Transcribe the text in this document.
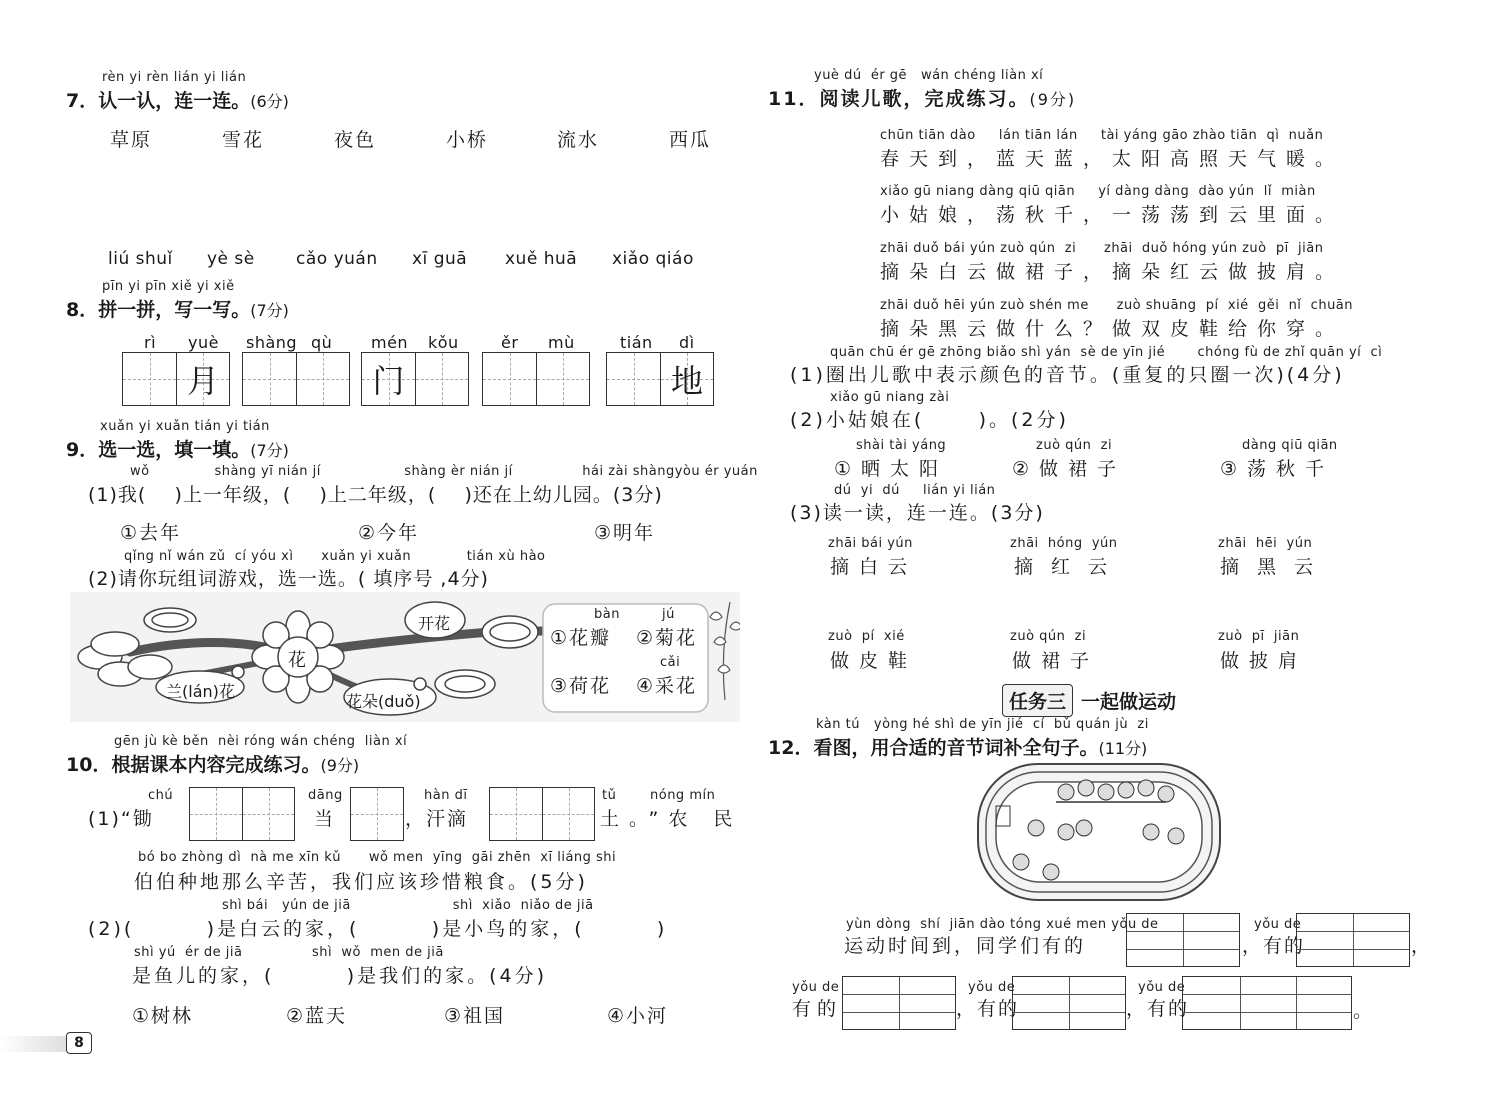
rèn yi rèn lián yi lián
7．认一认，连一连。(6分)
草原	雪花	夜色	小桥	流水	西瓜
liú shuǐ yè sè cǎo yuán xī guā xuě huā xiǎo qiáo
pīn yi pīn xiě yi xiě
8．拼一拼，写一写。(7分)
rì yuè
月
shàng qù mén kǒu
门
ěr mù	tián dì
地
xuǎn yi xuǎn tián yi tián
9．选一选，填一填。(7分)
wǒ              shàng yī nián jí                  shàng èr nián jí               hái zài shàngyòu ér yuán
(1)我(    )上一年级，(    )上二年级，(    )还在上幼儿园。(3分)
①去年	②今年	③明年
qǐng nǐ wán zǔ  cí yóu xì      xuǎn yi xuǎn            tián xù hào
(2)请你玩组词游戏，选一选。( 填序号 ,4分)
花
开花
兰(lán)花
花朵(duǒ)
bàn	jú
①花瓣 ②菊花
cǎi
③荷花 ④采花
gēn jù kè běn  nèi róng wán chéng  liàn xí
10．根据课本内容完成练习。(9分)
(1)“锄
chú	dāng
当
hàn dī
，汗滴
tǔ	nóng mín
土。”农 民
bó bo zhòng dì  nà me xīn kǔ      wǒ men  yīng  gāi zhēn  xī liáng shi
伯伯种地那么辛苦，我们应该珍惜粮食。(5分)
shì bái   yún de jiā                      shì  xiǎo  niǎo de jiā
(2)(        )是白云的家，(        )是小鸟的家，(        )
shì yú  ér de jiā               shì  wǒ  men de jiā
是鱼儿的家，(        )是我们的家。(4分)
①树林	②蓝天	③祖国	④小河
8
yuè dú  ér gē   wán chéng liàn xí
11．阅读儿歌，完成练习。(9分)
chūn tiān dào     lán tiān lán     tài yáng gāo zhào tiān  qì  nuǎn
春天到，蓝天蓝，太阳高照天气暖。
xiǎo gū niang dàng qiū qiān     yí dàng dàng  dào yún  lǐ  miàn
小姑娘，荡秋千，一荡荡到云里面。
zhāi duǒ bái yún zuò qún  zi      zhāi  duǒ hóng yún zuò  pī  jiān
摘朵白云做裙子，摘朵红云做披肩。
zhāi duǒ hēi yún zuò shén me      zuò shuāng  pí  xié  gěi  nǐ  chuān
摘朵黑云做什么？做双皮鞋给你穿。
quān chū ér gē zhōng biǎo shì yán  sè de yīn jié       chóng fù de zhǐ quān yí  cì
(1)圈出儿歌中表示颜色的音节。(重复的只圈一次)(4分)
xiǎo gū niang zài
(2)小姑娘在(      )。(2分)
shài tài yáng
①晒太阳
zuò qún  zi
②做裙子
dàng qiū qiān
③荡秋千
dú  yi  dú     lián yi lián
(3)读一读，连一连。(3分)
zhāi bái yún
摘白云
zhāi  hóng  yún
摘红云
zhāi  hēi  yún
摘黑云
zuò  pí  xié
做皮鞋
zuò qún  zi
做裙子
zuò  pī  jiān
做披肩
任务三 一起做运动
kàn tú   yòng hé shì de yīn jié  cí  bǔ quán jù  zi
12．看图，用合适的音节词补全句子。(11分)
yùn dòng  shí  jiān dào tóng xué men yǒu de
运动时间到，同学们有的
yǒu de
，有的	，
yǒu de
有的
yǒu de
，有的
yǒu de
，有的	。
